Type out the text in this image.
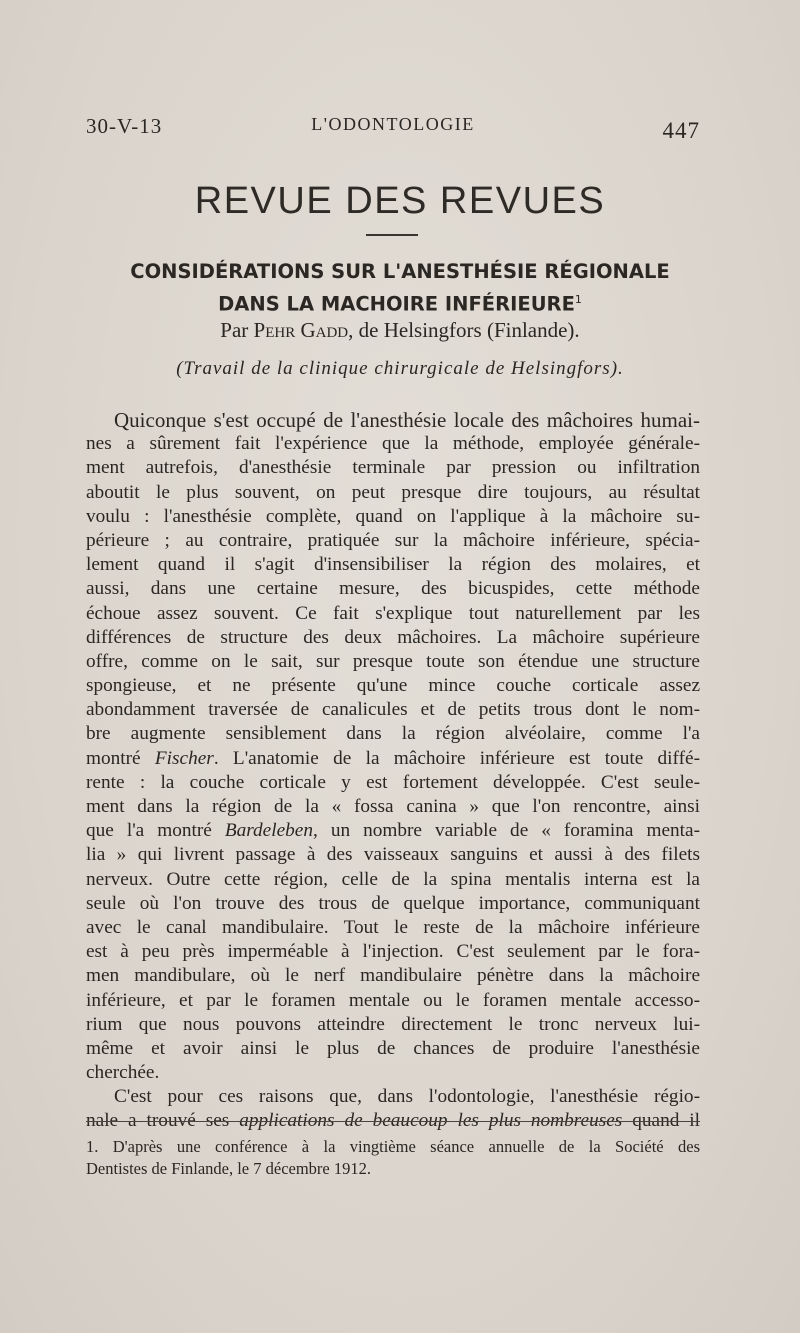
30-V-13	L'ODONTOLOGIE	447
REVUE DES REVUES
CONSIDÉRATIONS SUR L'ANESTHÉSIE RÉGIONALE
DANS LA MACHOIRE INFÉRIEURE$^1$
Par Pehr Gadd, de Helsingfors (Finlande).
(Travail de la clinique chirurgicale de Helsingfors).
Quiconque s'est occupé de l'anesthésie locale des mâchoires humai-
nes a sûrement fait l'expérience que la méthode, employée générale-
ment autrefois, d'anesthésie terminale par pression ou infiltration
aboutit le plus souvent, on peut presque dire toujours, au résultat
voulu : l'anesthésie complète, quand on l'applique à la mâchoire su-
périeure ; au contraire, pratiquée sur la mâchoire inférieure, spécia-
lement quand il s'agit d'insensibiliser la région des molaires, et
aussi, dans une certaine mesure, des bicuspides, cette méthode
échoue assez souvent. Ce fait s'explique tout naturellement par les
différences de structure des deux mâchoires. La mâchoire supérieure
offre, comme on le sait, sur presque toute son étendue une structure
spongieuse, et ne présente qu'une mince couche corticale assez
abondamment traversée de canalicules et de petits trous dont le nom-
bre augmente sensiblement dans la région alvéolaire, comme l'a
montré Fischer. L'anatomie de la mâchoire inférieure est toute diffé-
rente : la couche corticale y est fortement développée. C'est seule-
ment dans la région de la « fossa canina » que l'on rencontre, ainsi
que l'a montré Bardeleben, un nombre variable de « foramina menta-
lia » qui livrent passage à des vaisseaux sanguins et aussi à des filets
nerveux. Outre cette région, celle de la spina mentalis interna est la
seule où l'on trouve des trous de quelque importance, communiquant
avec le canal mandibulaire. Tout le reste de la mâchoire inférieure
est à peu près imperméable à l'injection. C'est seulement par le fora-
men mandibulare, où le nerf mandibulaire pénètre dans la mâchoire
inférieure, et par le foramen mentale ou le foramen mentale accesso-
rium que nous pouvons atteindre directement le tronc nerveux lui-
même et avoir ainsi le plus de chances de produire l'anesthésie
cherchée.
C'est pour ces raisons que, dans l'odontologie, l'anesthésie régio-
nale a trouvé ses applications de beaucoup les plus nombreuses quand il
1. D'après une conférence à la vingtième séance annuelle de la Société des
Dentistes de Finlande, le 7 décembre 1912.
